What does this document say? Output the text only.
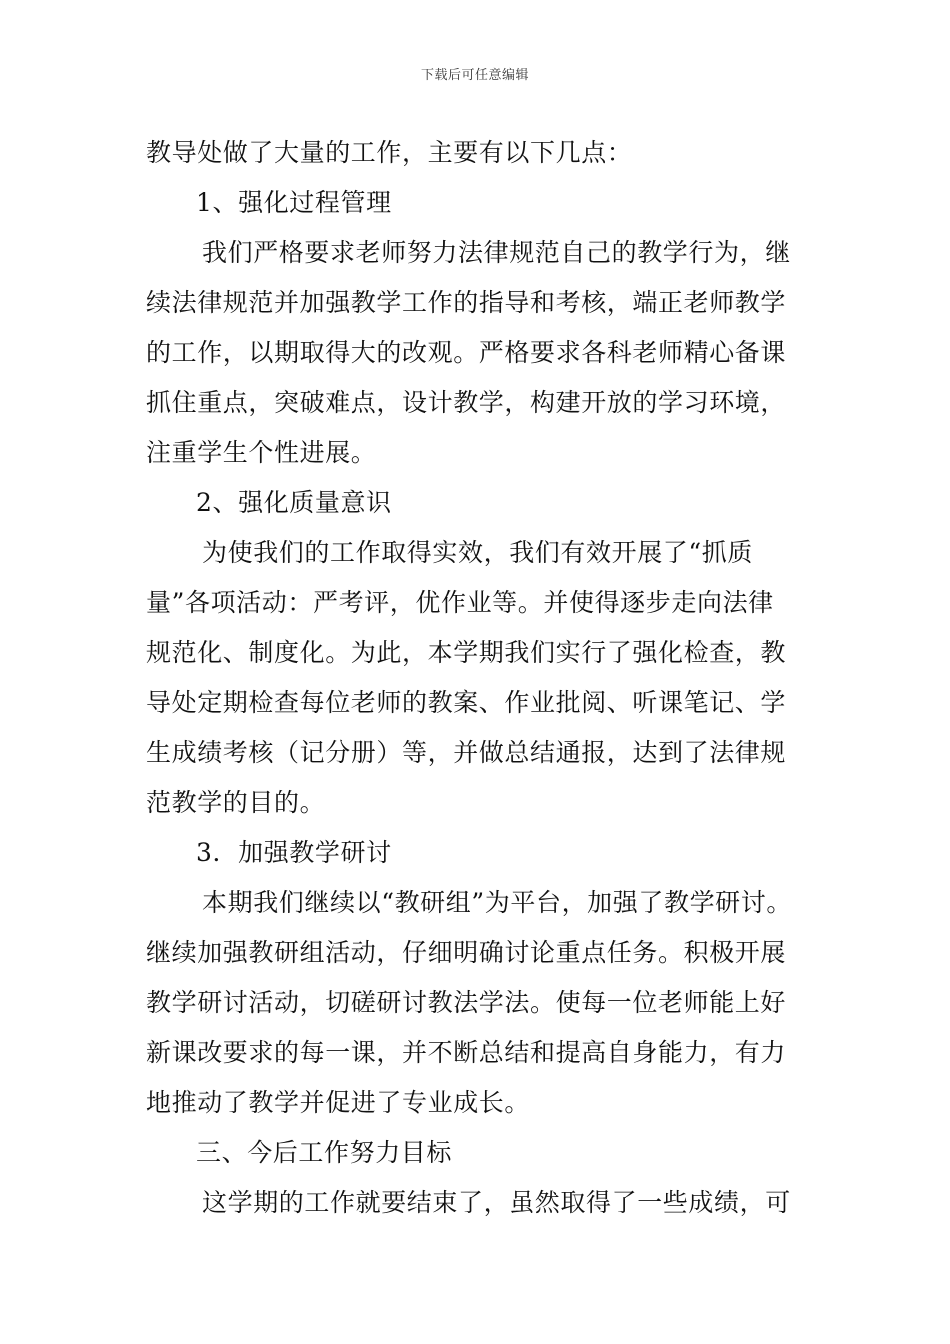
下载后可任意编辑
教导处做了大量的工作，主要有以下几点：
1、强化过程管理
我们严格要求老师努力法律规范自己的教学行为，继
续法律规范并加强教学工作的指导和考核，端正老师教学
的工作，以期取得大的改观。严格要求各科老师精心备课
抓住重点，突破难点，设计教学，构建开放的学习环境，
注重学生个性进展。
2、强化质量意识
为使我们的工作取得实效，我们有效开展了“抓质
量”各项活动：严考评，优作业等。并使得逐步走向法律
规范化、制度化。为此，本学期我们实行了强化检查，教
导处定期检查每位老师的教案、作业批阅、听课笔记、学
生成绩考核（记分册）等，并做总结通报，达到了法律规
范教学的目的。
3．加强教学研讨
本期我们继续以“教研组”为平台，加强了教学研讨。
继续加强教研组活动，仔细明确讨论重点任务。积极开展
教学研讨活动，切磋研讨教法学法。使每一位老师能上好
新课改要求的每一课，并不断总结和提高自身能力，有力
地推动了教学并促进了专业成长。
三、今后工作努力目标
这学期的工作就要结束了，虽然取得了一些成绩，可
